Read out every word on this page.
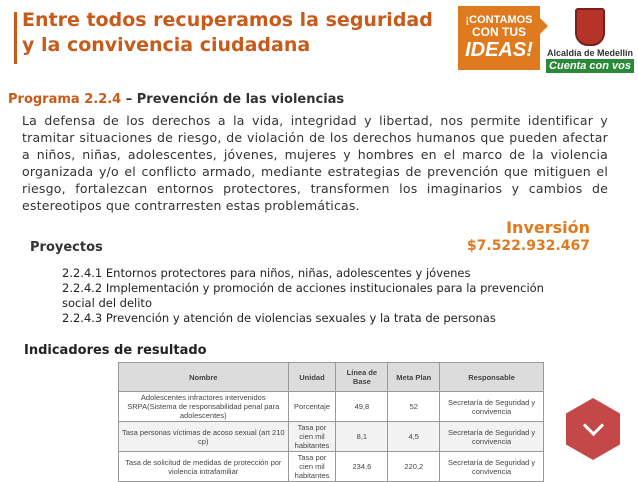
Entre todos recuperamos la seguridad
y la convivencia ciudadana
¡CONTAMOS
CON TUS
IDEAS!	Alcaldía de Medellín
Cuenta con vos
Programa 2.2.4 – Prevención de las violencias
La defensa de los derechos a la vida, integridad y libertad, nos permite identificar y tramitar situaciones de riesgo, de violación de los derechos humanos que pueden afectar a niños, niñas, adolescentes, jóvenes, mujeres y hombres en el marco de la violencia organizada y/o el conflicto armado, mediante estrategias de prevención que mitiguen el riesgo, fortalezcan entornos protectores, transformen los imaginarios y cambios de estereotipos que contrarresten estas problemáticas.
Inversión
$7.522.932.467
Proyectos
2.2.4.1 Entornos protectores para niños, niñas, adolescentes y jóvenes
2.2.4.2 Implementación y promoción de acciones institucionales para la prevención social del delito
2.2.4.3 Prevención y atención de violencias sexuales y la trata de personas
Indicadores de resultado
Nombre	Unidad	Línea de Base	Meta Plan	Responsable
Adolescentes infractores intervenidos SRPA(Sistema de responsabilidad penal para adolescentes)	Porcentaje	49,8	52	Secretaría de Seguridad y convivencia
Tasa personas víctimas de acoso sexual (art 210 cp)	Tasa por cien mil habitantes	8,1	4,5	Secretaría de Seguridad y convivencia
Tasa de solicitud de medidas de protección por violencia intrafamiliar	Tasa por cien mil habitantes	234,6	220,2	Secretaría de Seguridad y convivencia
